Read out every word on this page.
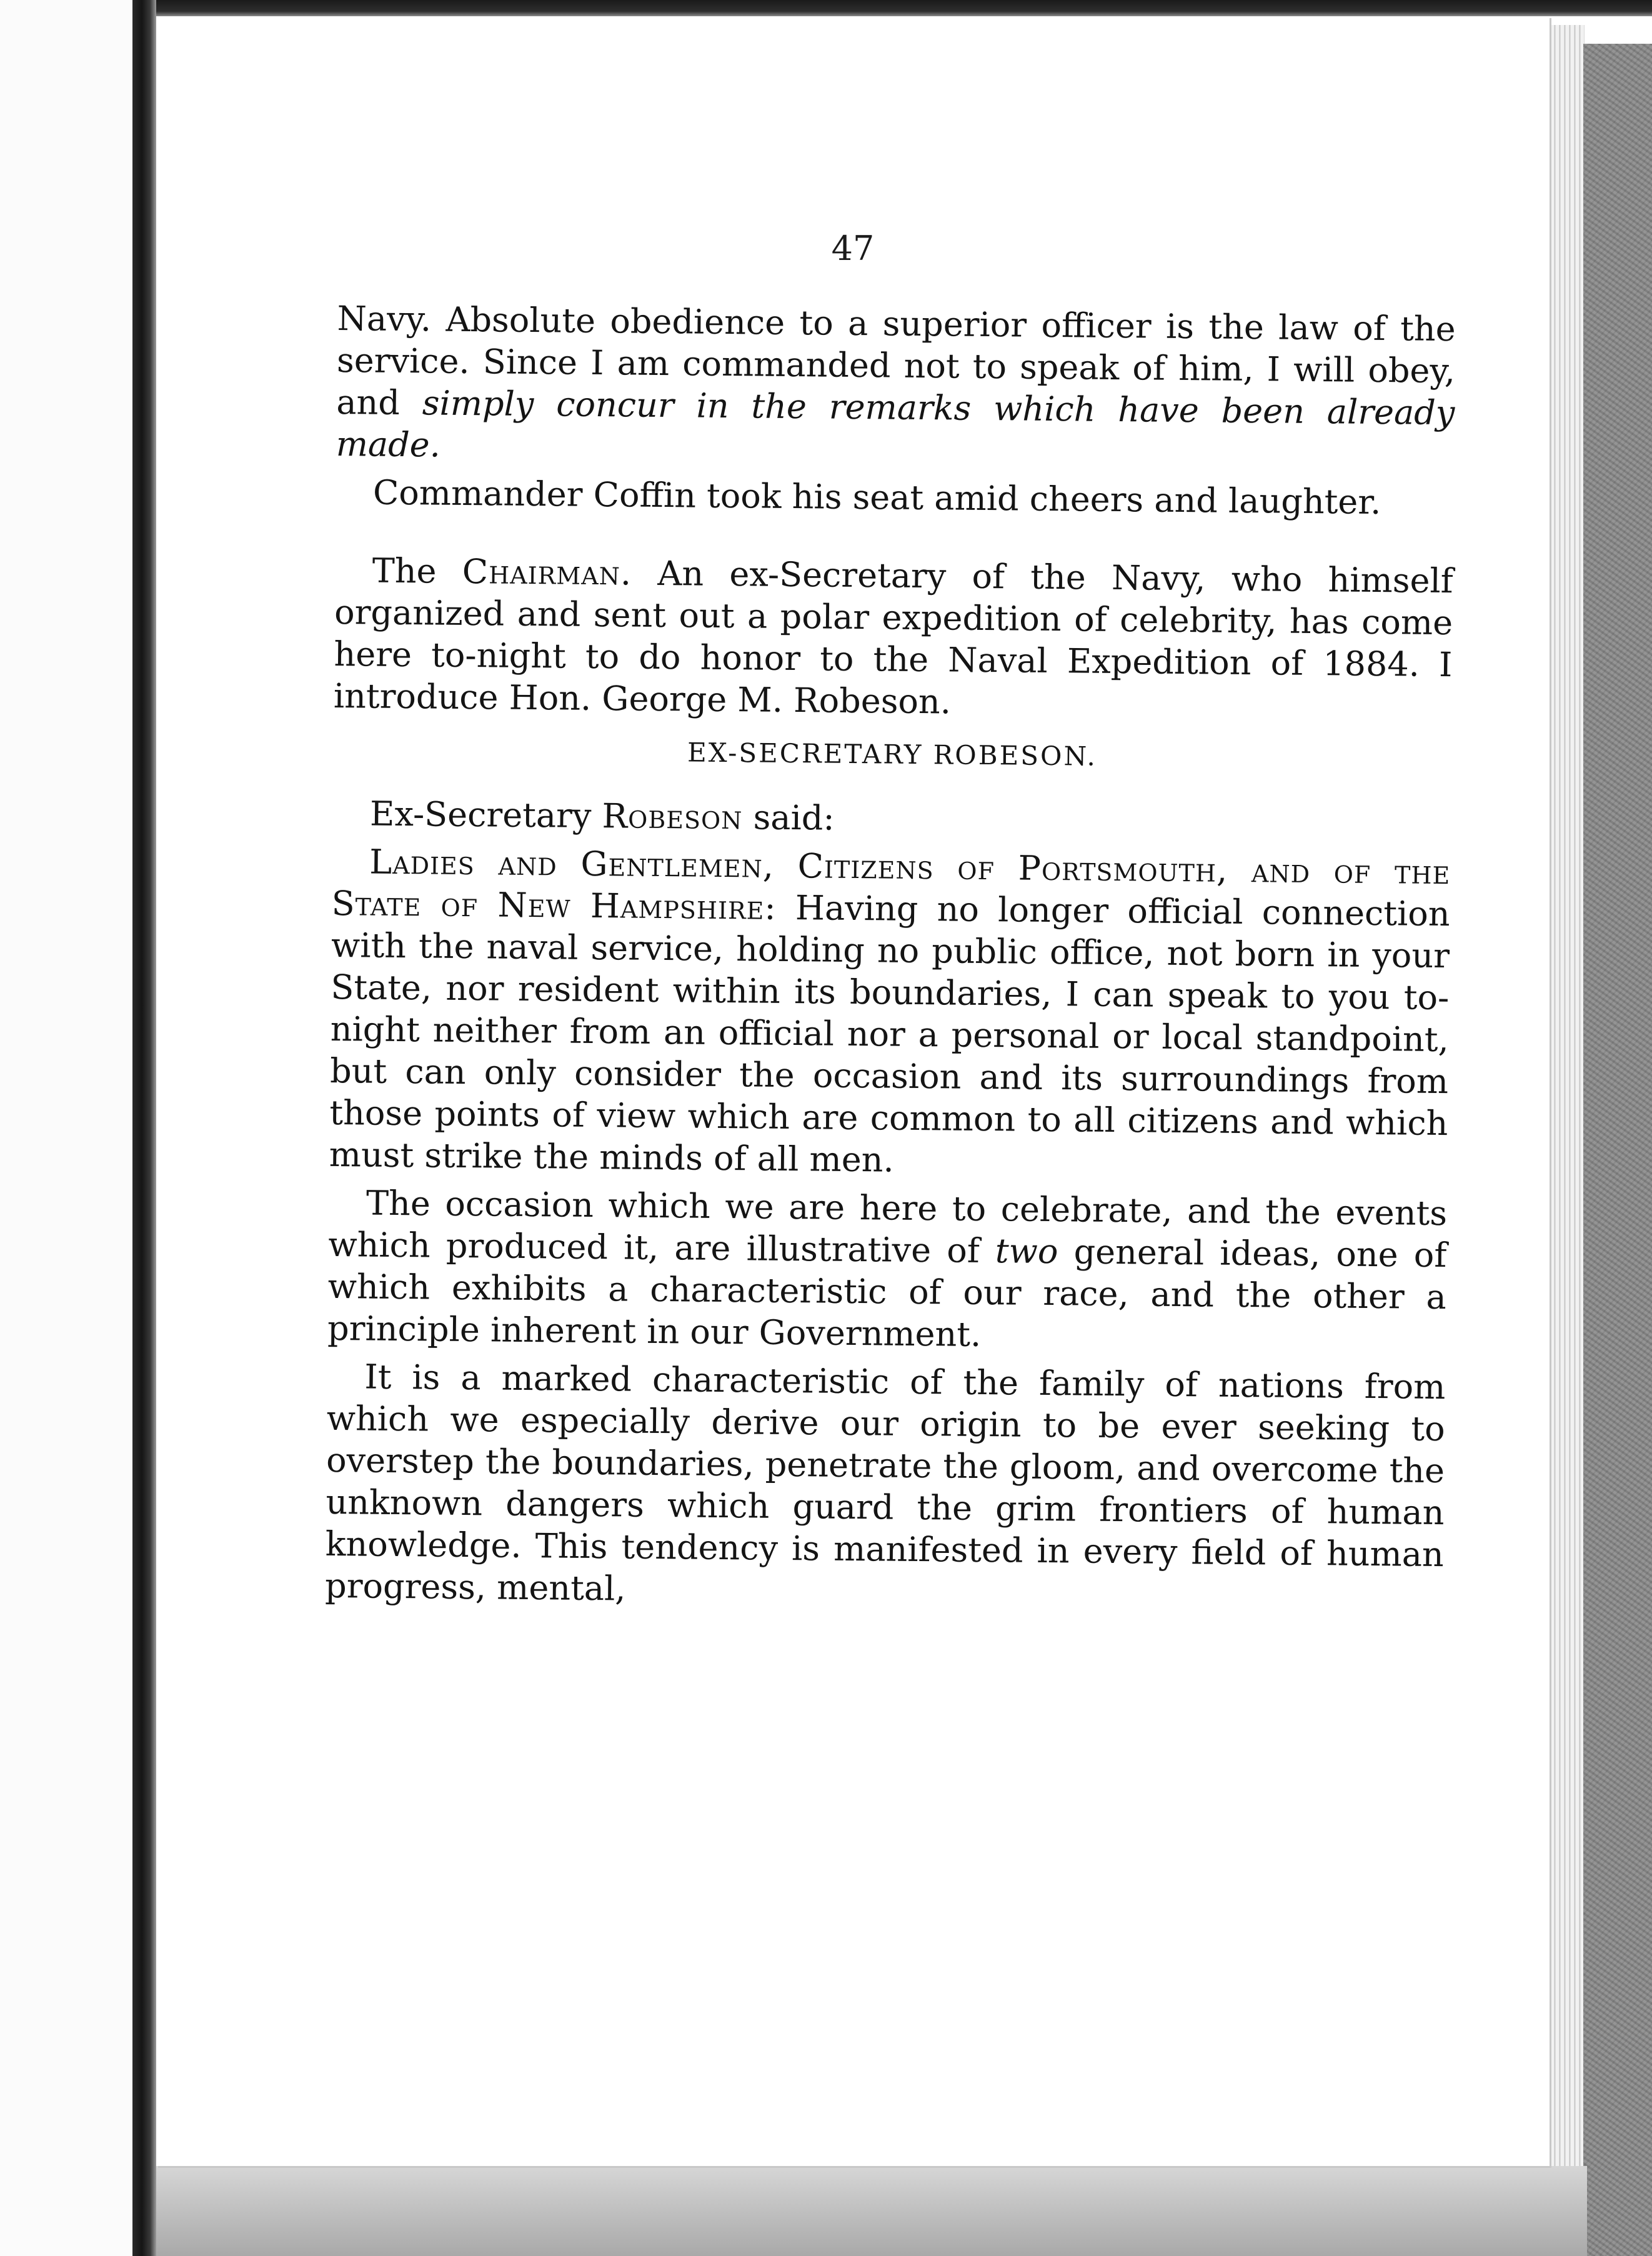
47

Navy. Absolute obedience to a superior officer is the law of the service. Since I am commanded not to speak of him, I will obey, and simply concur in the remarks which have been already made.

Commander Coffin took his seat amid cheers and laughter.

The Chairman. An ex-Secretary of the Navy, who himself organized and sent out a polar expedition of celebrity, has come here to-night to do honor to the Naval Expedition of 1884. I introduce Hon. George M. Robeson.

EX-SECRETARY ROBESON.

Ex-Secretary Robeson said:

Ladies and Gentlemen, Citizens of Portsmouth, and of the State of New Hampshire: Having no longer official connection with the naval service, holding no public office, not born in your State, nor resident within its boundaries, I can speak to you to-night neither from an official nor a personal or local standpoint, but can only consider the occasion and its surroundings from those points of view which are common to all citizens and which must strike the minds of all men.

The occasion which we are here to celebrate, and the events which produced it, are illustrative of two general ideas, one of which exhibits a characteristic of our race, and the other a principle inherent in our Government.

It is a marked characteristic of the family of nations from which we especially derive our origin to be ever seeking to overstep the boundaries, penetrate the gloom, and overcome the unknown dangers which guard the grim frontiers of human knowledge. This tendency is manifested in every field of human progress, mental,
